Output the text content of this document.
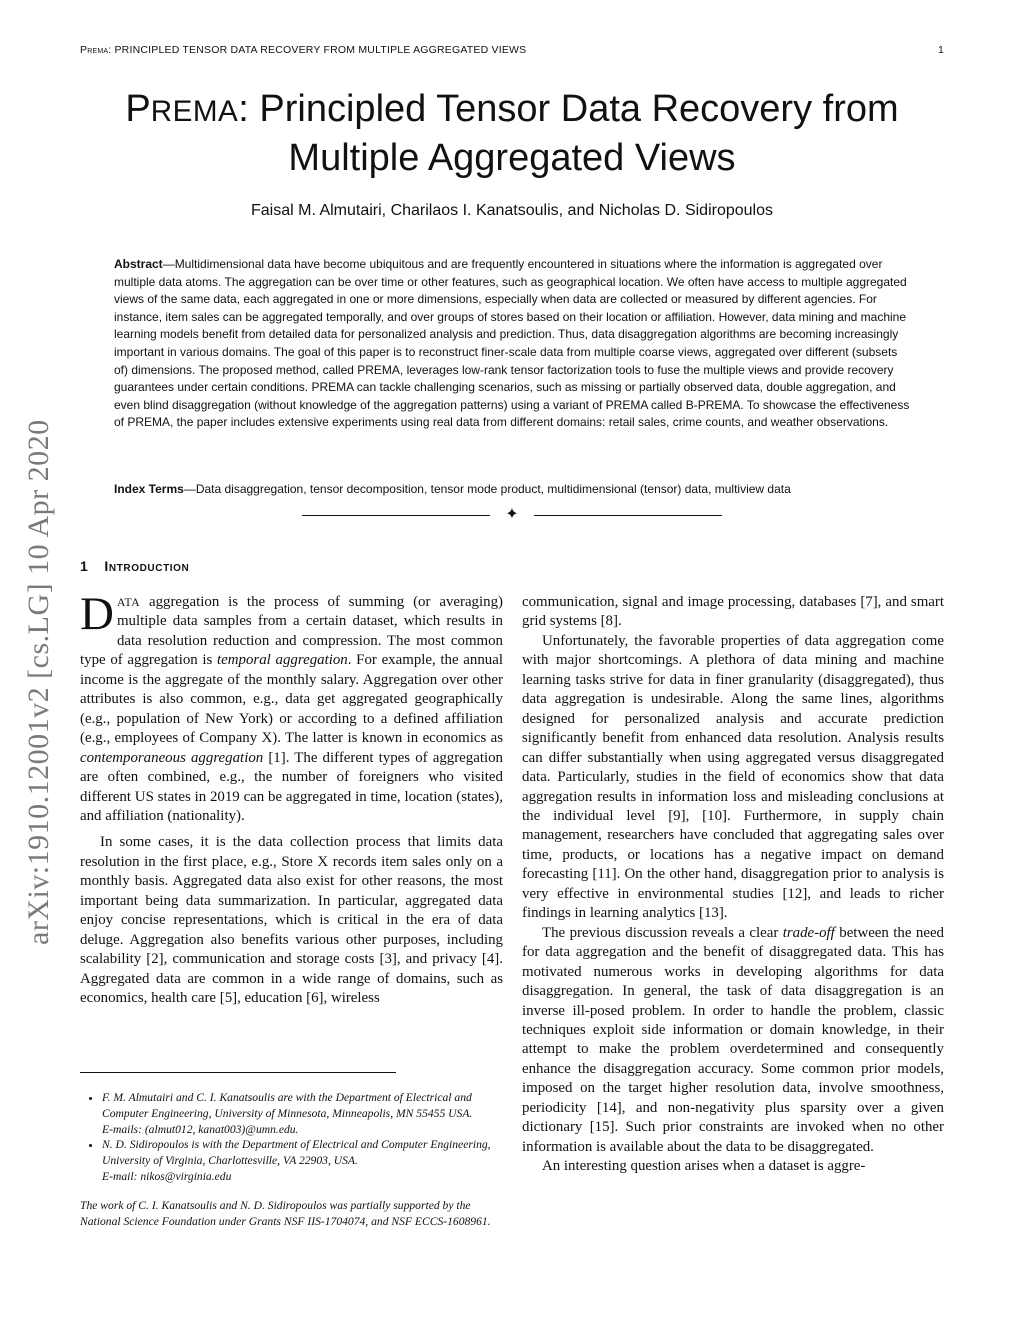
Prema: PRINCIPLED TENSOR DATA RECOVERY FROM MULTIPLE AGGREGATED VIEWS	1
PREMA: Principled Tensor Data Recovery from
Multiple Aggregated Views
Faisal M. Almutairi, Charilaos I. Kanatsoulis, and Nicholas D. Sidiropoulos
Abstract—Multidimensional data have become ubiquitous and are frequently encountered in situations where the information is aggregated over multiple data atoms. The aggregation can be over time or other features, such as geographical location. We often have access to multiple aggregated views of the same data, each aggregated in one or more dimensions, especially when data are collected or measured by different agencies. For instance, item sales can be aggregated temporally, and over groups of stores based on their location or affiliation. However, data mining and machine learning models benefit from detailed data for personalized analysis and prediction. Thus, data disaggregation algorithms are becoming increasingly important in various domains. The goal of this paper is to reconstruct finer-scale data from multiple coarse views, aggregated over different (subsets of) dimensions. The proposed method, called PREMA, leverages low-rank tensor factorization tools to fuse the multiple views and provide recovery guarantees under certain conditions. PREMA can tackle challenging scenarios, such as missing or partially observed data, double aggregation, and even blind disaggregation (without knowledge of the aggregation patterns) using a variant of PREMA called B-PREMA. To showcase the effectiveness of PREMA, the paper includes extensive experiments using real data from different domains: retail sales, crime counts, and weather observations.
Index Terms—Data disaggregation, tensor decomposition, tensor mode product, multidimensional (tensor) data, multiview data
✦
arXiv:1910.12001v2 [cs.LG] 10 Apr 2020 1 Introduction

DATA aggregation is the process of summing (or averaging) multiple data samples from a certain dataset, which results in data resolution reduction and compression. The most common type of aggregation is temporal aggregation. For example, the annual income is the aggregate of the monthly salary. Aggregation over other attributes is also common, e.g., data get aggregated geographically (e.g., population of New York) or according to a defined affiliation (e.g., employees of Company X). The latter is known in economics as contemporaneous aggregation [1]. The different types of aggregation are often combined, e.g., the number of foreigners who visited different US states in 2019 can be aggregated in time, location (states), and affiliation (nationality).

In some cases, it is the data collection process that limits data resolution in the first place, e.g., Store X records item sales only on a monthly basis. Aggregated data also exist for other reasons, the most important being data summarization. In particular, aggregated data enjoy concise representations, which is critical in the era of data deluge. Aggregation also benefits various other purposes, including scalability [2], communication and storage costs [3], and privacy [4]. Aggregated data are common in a wide range of domains, such as economics, health care [5], education [6], wireless

communication, signal and image processing, databases [7], and smart grid systems [8].

Unfortunately, the favorable properties of data aggregation come with major shortcomings. A plethora of data mining and machine learning tasks strive for data in finer granularity (disaggregated), thus data aggregation is undesirable. Along the same lines, algorithms designed for personalized analysis and accurate prediction significantly benefit from enhanced data resolution. Analysis results can differ substantially when using aggregated versus disaggregated data. Particularly, studies in the field of economics show that data aggregation results in information loss and misleading conclusions at the individual level [9], [10]. Furthermore, in supply chain management, researchers have concluded that aggregating sales over time, products, or locations has a negative impact on demand forecasting [11]. On the other hand, disaggregation prior to analysis is very effective in environmental studies [12], and leads to richer findings in learning analytics [13].

The previous discussion reveals a clear trade-off between the need for data aggregation and the benefit of disaggregated data. This has motivated numerous works in developing algorithms for data disaggregation. In general, the task of data disaggregation is an inverse ill-posed problem. In order to handle the problem, classic techniques exploit side information or domain knowledge, in their attempt to make the problem overdetermined and consequently enhance the disaggregation accuracy. Some common prior models, imposed on the target higher resolution data, involve smoothness, periodicity [14], and non-negativity plus sparsity over a given dictionary [15]. Such prior constraints are invoked when no other information is available about the data to be disaggregated.

An interesting question arises when a dataset is aggre-

• F. M. Almutairi and C. I. Kanatsoulis are with the Department of Electrical and Computer Engineering, University of Minnesota, Minneapolis, MN 55455 USA.
E-mails: (almut012, kanat003)@umn.edu.
• N. D. Sidiropoulos is with the Department of Electrical and Computer Engineering, University of Virginia, Charlottesville, VA 22903, USA.
E-mail: nikos@virginia.edu
The work of C. I. Kanatsoulis and N. D. Sidiropoulos was partially supported by the National Science Foundation under Grants NSF IIS-1704074, and NSF ECCS-1608961.
